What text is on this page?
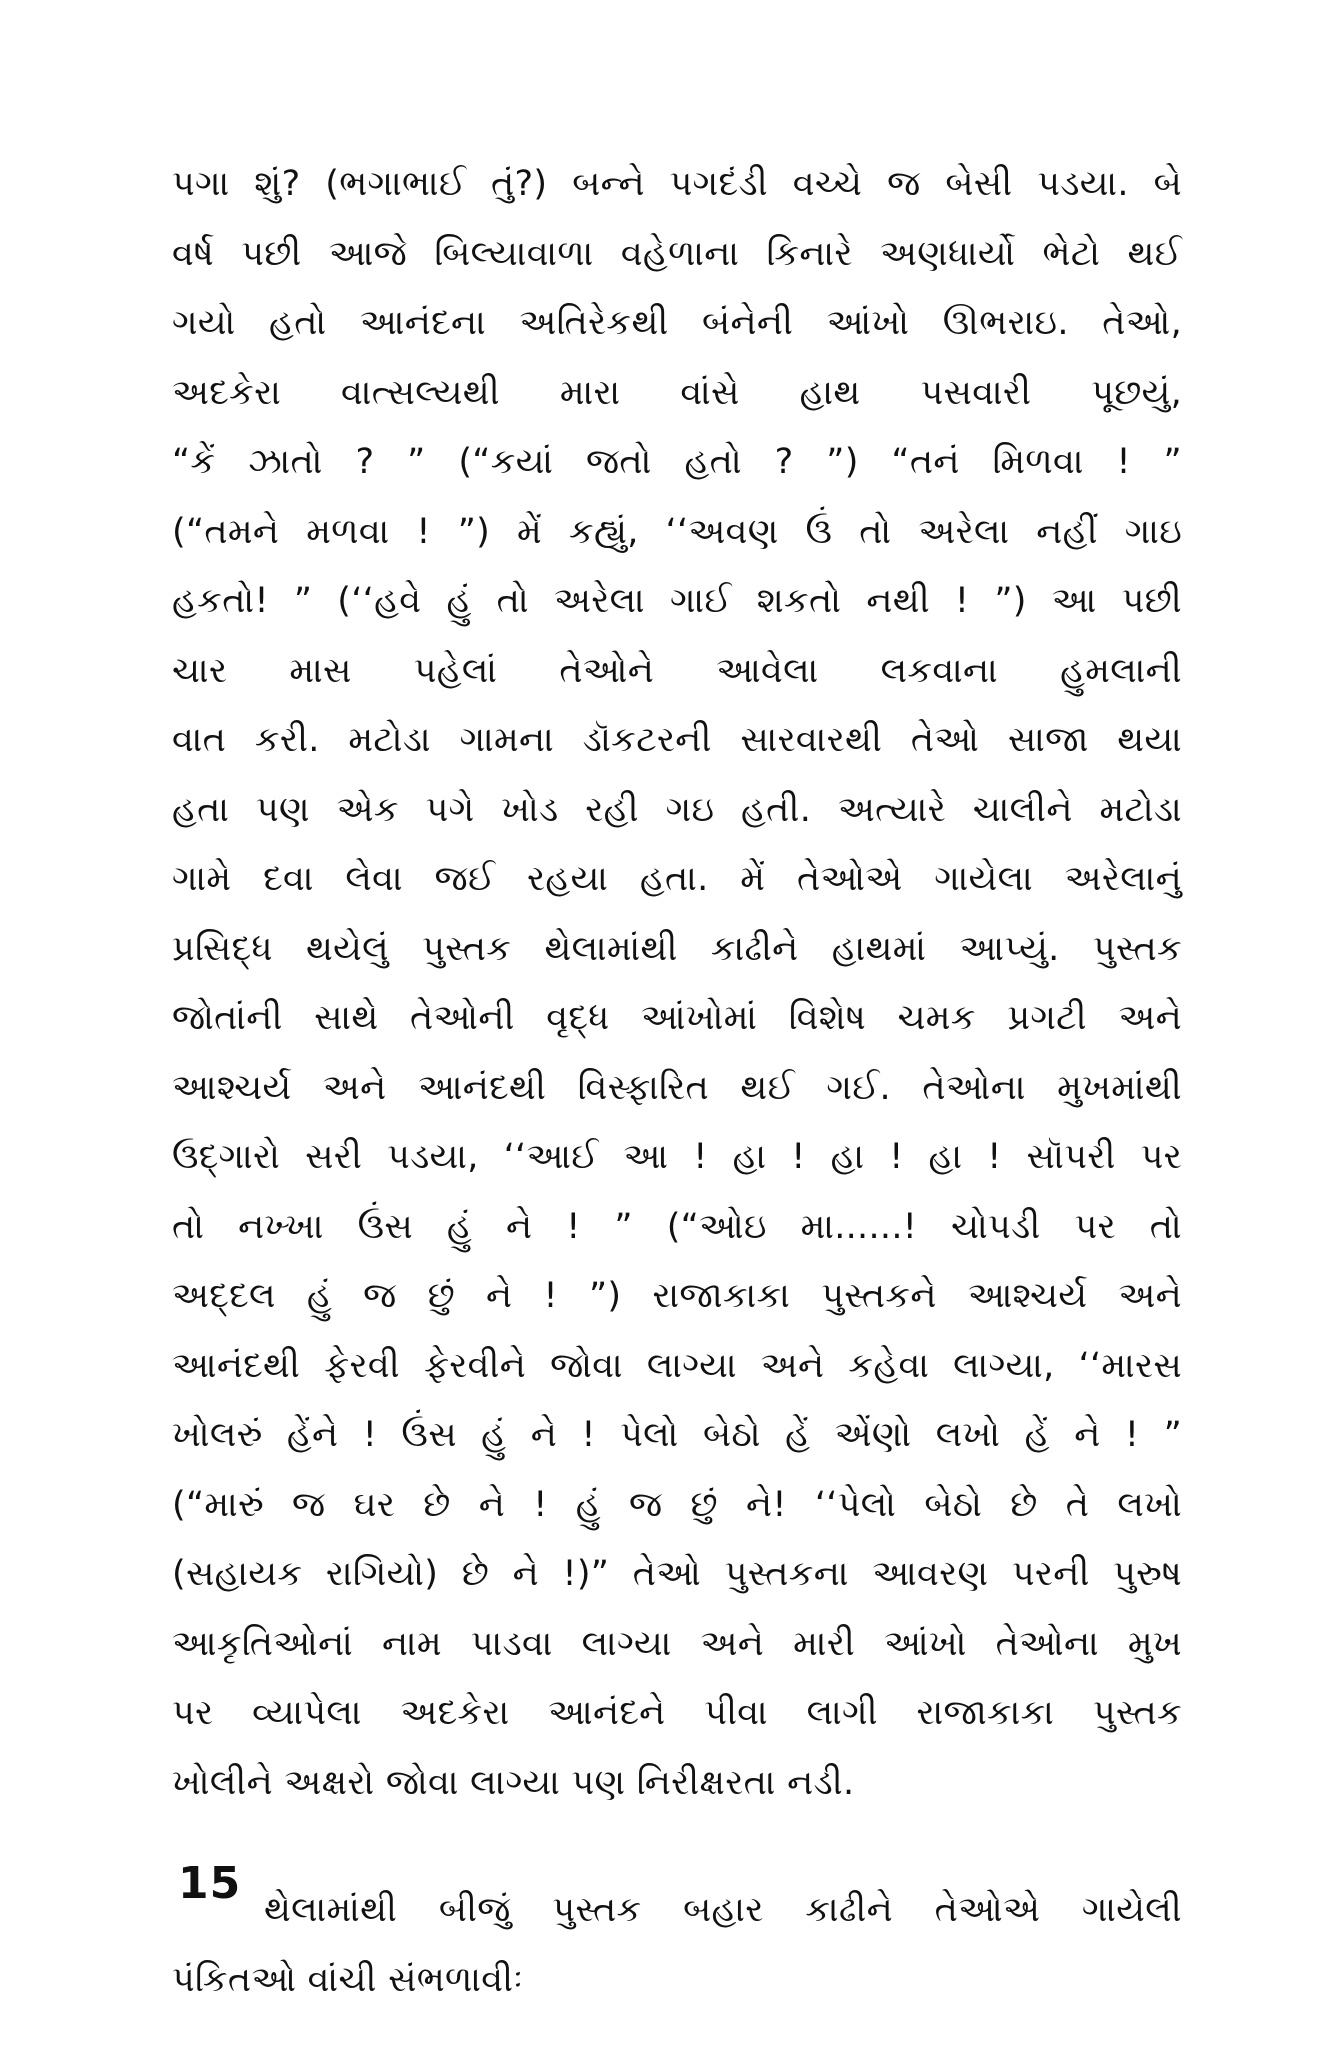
પગા શું? (ભગાભાઈ તું?) બન્ને પગદંડી વચ્ચે જ બેસી પડયા. બે
વર્ષ પછી આજે બિલ્યાવાળા વહેળાના કિનારે અણધાર્યો ભેટો થઈ
ગયો હતો આનંદના અતિરેકથી બંનેની આંખો ઊભરાઇ. તેઓ,
અદકેરા વાત્સલ્યથી મારા વાંસે હાથ પસવારી પૂછયું,
“કેં ઝાતો ? ” (“કયાં જતો હતો ? ”) “તનં મિળવા ! ”
(“તમને મળવા ! ”) મેં કહ્યું, ‘‘અવણ ઉં તો અરેલા નહીં ગાઇ
હકતો! ” (‘‘હવે હું તો અરેલા ગાઈ શકતો નથી ! ”) આ પછી
ચાર માસ પહેલાં તેઓને આવેલા લકવાના હુમલાની
વાત કરી. મટોડા ગામના ડૉકટરની સારવારથી તેઓ સાજા થયા
હતા પણ એક પગે ખોડ રહી ગઇ હતી. અત્યારે ચાલીને મટોડા
ગામે દવા લેવા જઈ રહયા હતા. મેં તેઓએ ગાયેલા અરેલાનું
પ્રસિદ્ધ થયેલું પુસ્તક થેલામાંથી કાઢીને હાથમાં આપ્યું. પુસ્તક
જોતાંની સાથે તેઓની વૃદ્ધ આંખોમાં વિશેષ ચમક પ્રગટી અને
આશ્ચર્ય અને આનંદથી વિસ્ફારિત થઈ ગઈ. તેઓના મુખમાંથી
ઉદ્‌ગારો સરી પડયા, ‘‘આઈ આ ! હા ! હા ! હા ! સૉપરી પર
તો નખ્ખા ઉંસ હું ને ! ” (“ઓઇ મા......! ચોપડી પર તો
અદ્દલ હું જ છું ને ! ”) રાજાકાકા પુસ્તકને આશ્ચર્ય અને
આનંદથી ફેરવી ફેરવીને જોવા લાગ્યા અને કહેવા લાગ્યા, ‘‘મારસ
ખોલરું હેંને ! ઉંસ હું ને ! પેલો બેઠો હેં એંણો લખો હેં ને ! ”
(“મારું જ ઘર છે ને ! હું જ છું ને! ‘‘પેલો બેઠો છે તે લખો
(સહાયક રાગિયો) છે ને !)” તેઓ પુસ્તકના આવરણ પરની પુરુષ
આકૃતિઓનાં નામ પાડવા લાગ્યા અને મારી આંખો તેઓના મુખ
પર વ્યાપેલા અદકેરા આનંદને પીવા લાગી રાજાકાકા પુસ્તક
ખોલીને અક્ષરો જોવા લાગ્યા પણ નિરીક્ષરતા નડી.
થેલામાંથી બીજું પુસ્તક બહાર કાઢીને તેઓએ ગાયેલી
પંકિતઓ વાંચી સંભળાવીઃ
15
